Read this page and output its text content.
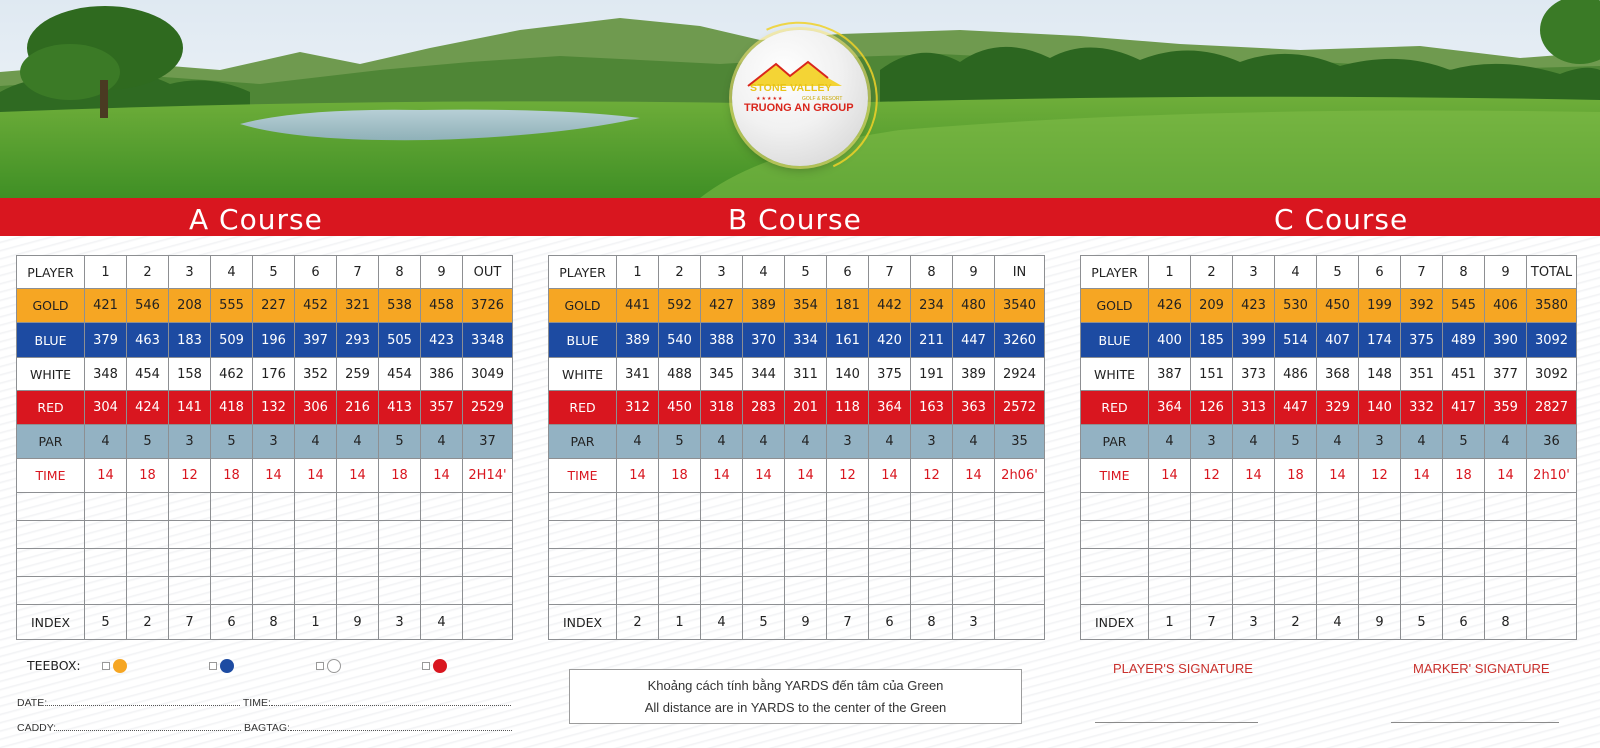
STONE VALLEY
★★★★★	GOLF & RESORT
TRUONG AN GROUP
A Course	B Course	C Course
PLAYER	1	2	3	4	5	6	7	8	9	OUT
GOLD	421	546	208	555	227	452	321	538	458	3726
BLUE	379	463	183	509	196	397	293	505	423	3348
WHITE	348	454	158	462	176	352	259	454	386	3049
RED	304	424	141	418	132	306	216	413	357	2529
PAR	4	5	3	5	3	4	4	5	4	37
TIME	14	18	12	18	14	14	14	18	14	2H14'

INDEX	5	2	7	6	8	1	9	3	4	
PLAYER	1	2	3	4	5	6	7	8	9	IN
GOLD	441	592	427	389	354	181	442	234	480	3540
BLUE	389	540	388	370	334	161	420	211	447	3260
WHITE	341	488	345	344	311	140	375	191	389	2924
RED	312	450	318	283	201	118	364	163	363	2572
PAR	4	5	4	4	4	3	4	3	4	35
TIME	14	18	14	14	14	12	14	12	14	2h06'

INDEX	2	1	4	5	9	7	6	8	3	
PLAYER	1	2	3	4	5	6	7	8	9	TOTAL
GOLD	426	209	423	530	450	199	392	545	406	3580
BLUE	400	185	399	514	407	174	375	489	390	3092
WHITE	387	151	373	486	368	148	351	451	377	3092
RED	364	126	313	447	329	140	332	417	359	2827
PAR	4	3	4	5	4	3	4	5	4	36
TIME	14	12	14	18	14	12	14	18	14	2h10'

INDEX	1	7	3	2	4	9	5	6	8	
TEEBOX:
DATE:	TIME:
CADDY:	BAGTAG:
Khoảng cách tính bằng YARDS đến tâm của Green
All distance are in YARDS to the center of the Green
PLAYER'S SIGNATURE	MARKER' SIGNATURE
